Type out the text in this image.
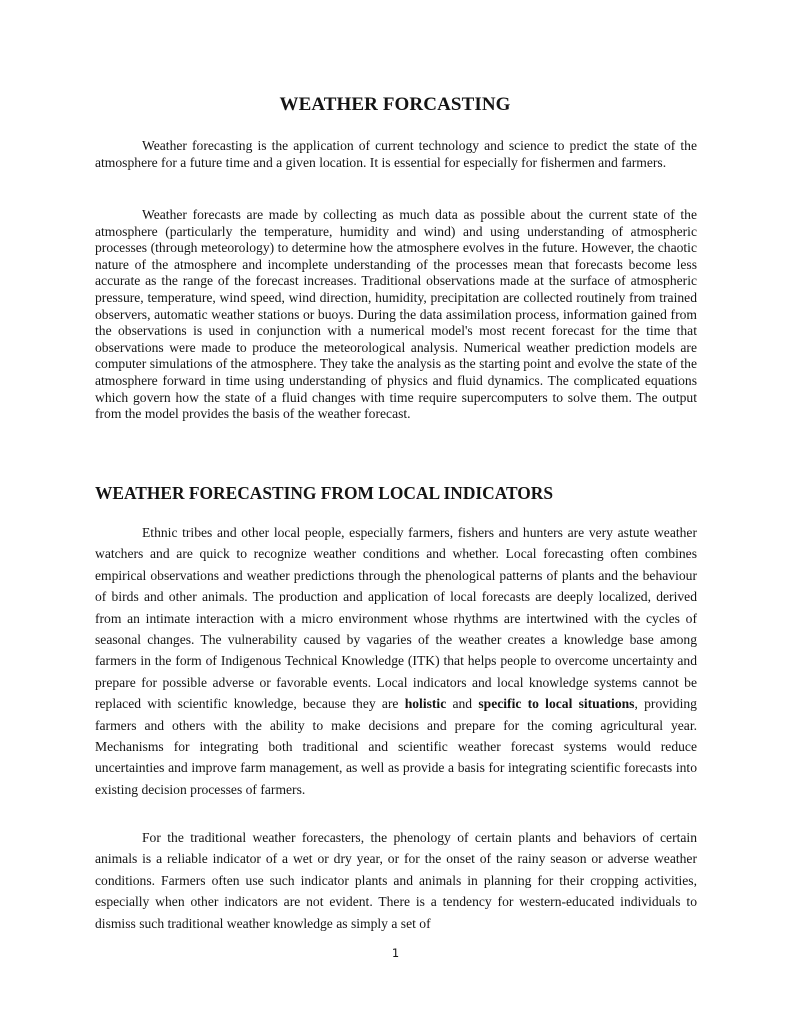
WEATHER FORCASTING

Weather forecasting is the application of current technology and science to predict the state of the atmosphere for a future time and a given location. It is essential for especially for fishermen and farmers.

Weather forecasts are made by collecting as much data as possible about the current state of the atmosphere (particularly the temperature, humidity and wind) and using understanding of atmospheric processes (through meteorology) to determine how the atmosphere evolves in the future. However, the chaotic nature of the atmosphere and incomplete understanding of the processes mean that forecasts become less accurate as the range of the forecast increases. Traditional observations made at the surface of atmospheric pressure, temperature, wind speed, wind direction, humidity, precipitation are collected routinely from trained observers, automatic weather stations or buoys. During the data assimilation process, information gained from the observations is used in conjunction with a numerical model's most recent forecast for the time that observations were made to produce the meteorological analysis. Numerical weather prediction models are computer simulations of the atmosphere. They take the analysis as the starting point and evolve the state of the atmosphere forward in time using understanding of physics and fluid dynamics. The complicated equations which govern how the state of a fluid changes with time require supercomputers to solve them. The output from the model provides the basis of the weather forecast.

WEATHER FORECASTING FROM LOCAL INDICATORS

Ethnic tribes and other local people, especially farmers, fishers and hunters are very astute weather watchers and are quick to recognize weather conditions and whether. Local forecasting often combines empirical observations and weather predictions through the phenological patterns of plants and the behaviour of birds and other animals. The production and application of local forecasts are deeply localized, derived from an intimate interaction with a micro environment whose rhythms are intertwined with the cycles of seasonal changes. The vulnerability caused by vagaries of the weather creates a knowledge base among farmers in the form of Indigenous Technical Knowledge (ITK) that helps people to overcome uncertainty and prepare for possible adverse or favorable events. Local indicators and local knowledge systems cannot be replaced with scientific knowledge, because they are holistic and specific to local situations, providing farmers and others with the ability to make decisions and prepare for the coming agricultural year. Mechanisms for integrating both traditional and scientific weather forecast systems would reduce uncertainties and improve farm management, as well as provide a basis for integrating scientific forecasts into existing decision processes of farmers.

For the traditional weather forecasters, the phenology of certain plants and behaviors of certain animals is a reliable indicator of a wet or dry year, or for the onset of the rainy season or adverse weather conditions. Farmers often use such indicator plants and animals in planning for their cropping activities, especially when other indicators are not evident. There is a tendency for western-educated individuals to dismiss such traditional weather knowledge as simply a set of

1
